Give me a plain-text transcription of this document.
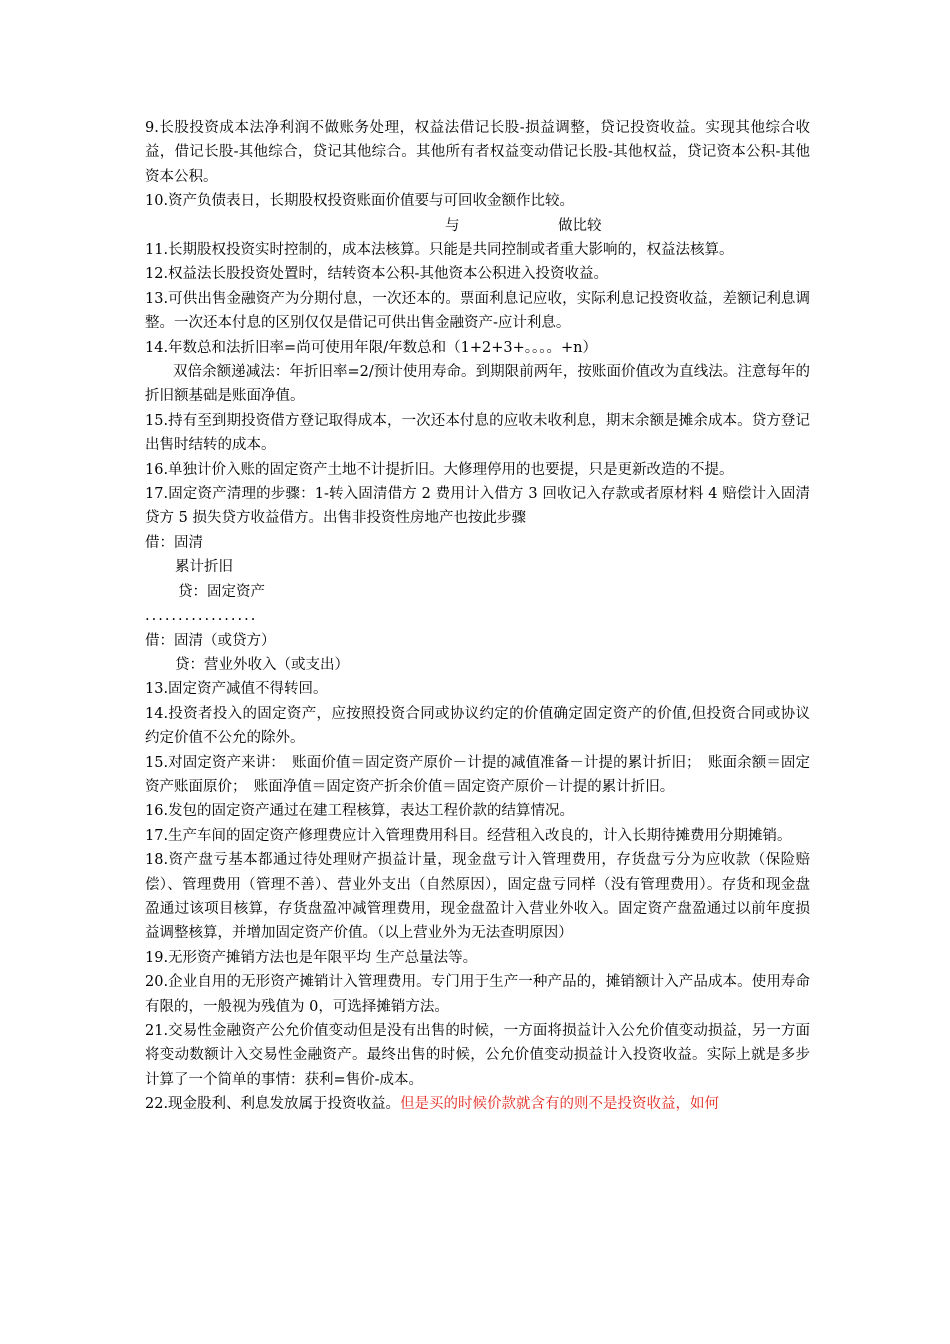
9.长股投资成本法净利润不做账务处理，权益法借记长股-损益调整，贷记投资收益。实现其他综合收益，借记长股-其他综合，贷记其他综合。其他所有者权益变动借记长股-其他权益，贷记资本公积-其他资本公积。

10.资产负债表日，长期股权投资账面价值要与可回收金额作比较。

与	做比较

11.长期股权投资实时控制的，成本法核算。只能是共同控制或者重大影响的，权益法核算。

12.权益法长股投资处置时，结转资本公积-其他资本公积进入投资收益。

13.可供出售金融资产为分期付息，一次还本的。票面利息记应收，实际利息记投资收益，差额记利息调整。一次还本付息的区别仅仅是借记可供出售金融资产-应计利息。

14.年数总和法折旧率=尚可使用年限/年数总和（1+2+3+。。。。+n）

双倍余额递减法：年折旧率=2/预计使用寿命。到期限前两年，按账面价值改为直线法。注意每年的折旧额基础是账面净值。

15.持有至到期投资借方登记取得成本，一次还本付息的应收未收利息，期末余额是摊余成本。贷方登记出售时结转的成本。

16.单独计价入账的固定资产土地不计提折旧。大修理停用的也要提，只是更新改造的不提。

17.固定资产清理的步骤：1-转入固清借方 2 费用计入借方 3 回收记入存款或者原材料 4 赔偿计入固清贷方 5 损失贷方收益借方。出售非投资性房地产也按此步骤

借：固清

累计折旧

贷：固定资产

.................

借：固清（或贷方）

贷：营业外收入（或支出）

13.固定资产减值不得转回。

14.投资者投入的固定资产，应按照投资合同或协议约定的价值确定固定资产的价值,但投资合同或协议约定价值不公允的除外。

15.对固定资产来讲：　账面价值＝固定资产原价－计提的减值准备－计提的累计折旧；　账面余额＝固定资产账面原价；　账面净值＝固定资产折余价值＝固定资产原价－计提的累计折旧。

16.发包的固定资产通过在建工程核算，表达工程价款的结算情况。

17.生产车间的固定资产修理费应计入管理费用科目。经营租入改良的，计入长期待摊费用分期摊销。

18.资产盘亏基本都通过待处理财产损益计量，现金盘亏计入管理费用，存货盘亏分为应收款（保险赔偿）、管理费用（管理不善）、营业外支出（自然原因），固定盘亏同样（没有管理费用）。存货和现金盘盈通过该项目核算，存货盘盈冲减管理费用，现金盘盈计入营业外收入。固定资产盘盈通过以前年度损益调整核算，并增加固定资产价值。（以上营业外为无法查明原因）

19.无形资产摊销方法也是年限平均 生产总量法等。

20.企业自用的无形资产摊销计入管理费用。专门用于生产一种产品的，摊销额计入产品成本。使用寿命有限的，一般视为残值为 0，可选择摊销方法。

21.交易性金融资产公允价值变动但是没有出售的时候，一方面将损益计入公允价值变动损益，另一方面将变动数额计入交易性金融资产。最终出售的时候，公允价值变动损益计入投资收益。实际上就是多步计算了一个简单的事情：获利=售价-成本。

22.现金股利、利息发放属于投资收益。但是买的时候价款就含有的则不是投资收益，如何
